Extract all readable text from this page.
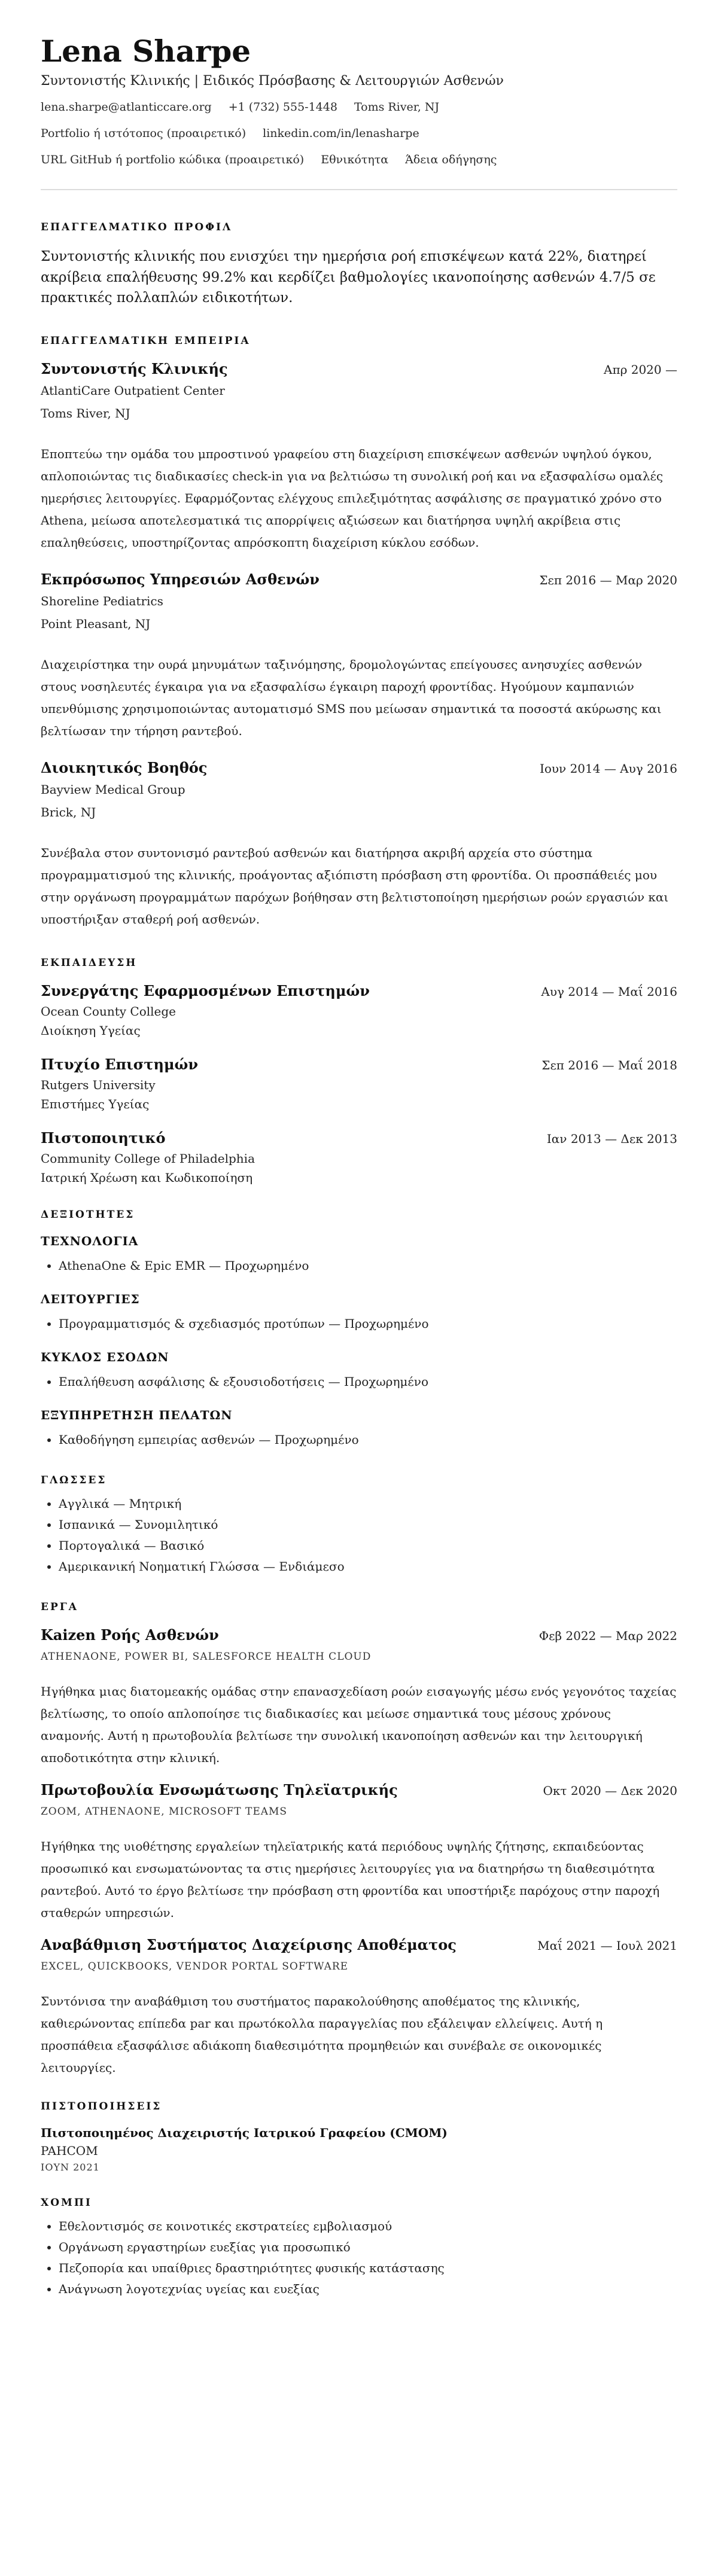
Lena Sharpe

Συντονιστής Κλινικής | Ειδικός Πρόσβασης & Λειτουργιών Ασθενών

lena.sharpe@atlanticcare.org +1 (732) 555-1448 Toms River, NJ
Portfolio ή ιστότοπος (προαιρετικό) linkedin.com/in/lenasharpe
URL GitHub ή portfolio κώδικα (προαιρετικό) Εθνικότητα Άδεια οδήγησης
ΕΠΑΓΓΕΛΜΑΤΙΚΟ ΠΡΟΦΙΛ

Συντονιστής κλινικής που ενισχύει την ημερήσια ροή επισκέψεων κατά 22%, διατηρεί ακρίβεια επαλήθευσης 99.2% και κερδίζει βαθμολογίες ικανοποίησης ασθενών 4.7/5 σε πρακτικές πολλαπλών ειδικοτήτων.

ΕΠΑΓΓΕΛΜΑΤΙΚΗ ΕΜΠΕΙΡΙΑ
Συντονιστής Κλινικής	Απρ 2020 —
AtlantiCare Outpatient Center
Toms River, NJ

Εποπτεύω την ομάδα του μπροστινού γραφείου στη διαχείριση επισκέψεων ασθενών υψηλού όγκου, απλοποιώντας τις διαδικασίες check-in για να βελτιώσω τη συνολική ροή και να εξασφαλίσω ομαλές ημερήσιες λειτουργίες. Εφαρμόζοντας ελέγχους επιλεξιμότητας ασφάλισης σε πραγματικό χρόνο στο Athena, μείωσα αποτελεσματικά τις απορρίψεις αξιώσεων και διατήρησα υψηλή ακρίβεια στις επαληθεύσεις, υποστηρίζοντας απρόσκοπτη διαχείριση κύκλου εσόδων.

Εκπρόσωπος Υπηρεσιών Ασθενών	Σεπ 2016 — Μαρ 2020
Shoreline Pediatrics
Point Pleasant, NJ

Διαχειρίστηκα την ουρά μηνυμάτων ταξινόμησης, δρομολογώντας επείγουσες ανησυχίες ασθενών στους νοσηλευτές έγκαιρα για να εξασφαλίσω έγκαιρη παροχή φροντίδας. Ηγούμουν καμπανιών υπενθύμισης χρησιμοποιώντας αυτοματισμό SMS που μείωσαν σημαντικά τα ποσοστά ακύρωσης και βελτίωσαν την τήρηση ραντεβού.

Διοικητικός Βοηθός	Ιουν 2014 — Αυγ 2016
Bayview Medical Group
Brick, NJ

Συνέβαλα στον συντονισμό ραντεβού ασθενών και διατήρησα ακριβή αρχεία στο σύστημα προγραμματισμού της κλινικής, προάγοντας αξιόπιστη πρόσβαση στη φροντίδα. Οι προσπάθειές μου στην οργάνωση προγραμμάτων παρόχων βοήθησαν στη βελτιστοποίηση ημερήσιων ροών εργασιών και υποστήριξαν σταθερή ροή ασθενών.

ΕΚΠΑΙΔΕΥΣΗ
Συνεργάτης Εφαρμοσμένων Επιστημών	Αυγ 2014 — Μαΐ 2016
Ocean County College
Διοίκηση Υγείας
Πτυχίο Επιστημών	Σεπ 2016 — Μαΐ 2018
Rutgers University
Επιστήμες Υγείας
Πιστοποιητικό	Ιαν 2013 — Δεκ 2013
Community College of Philadelphia
Ιατρική Χρέωση και Κωδικοποίηση
ΔΕΞΙΟΤΗΤΕΣ
ΤΕΧΝΟΛΟΓΙΑ
• AthenaOne & Epic EMR — Προχωρημένο
ΛΕΙΤΟΥΡΓΙΕΣ
• Προγραμματισμός & σχεδιασμός προτύπων — Προχωρημένο
ΚΥΚΛΟΣ ΕΣΟΔΩΝ
• Επαλήθευση ασφάλισης & εξουσιοδοτήσεις — Προχωρημένο
ΕΞΥΠΗΡΕΤΗΣΗ ΠΕΛΑΤΩΝ
• Καθοδήγηση εμπειρίας ασθενών — Προχωρημένο
ΓΛΩΣΣΕΣ
• Αγγλικά — Μητρική
• Ισπανικά — Συνομιλητικό
• Πορτογαλικά — Βασικό
• Αμερικανική Νοηματική Γλώσσα — Ενδιάμεσο
ΕΡΓΑ
Kaizen Ροής Ασθενών	Φεβ 2022 — Μαρ 2022
ATHENAONE, POWER BI, SALESFORCE HEALTH CLOUD

Ηγήθηκα μιας διατομεακής ομάδας στην επανασχεδίαση ροών εισαγωγής μέσω ενός γεγονότος ταχείας βελτίωσης, το οποίο απλοποίησε τις διαδικασίες και μείωσε σημαντικά τους μέσους χρόνους αναμονής. Αυτή η πρωτοβουλία βελτίωσε την συνολική ικανοποίηση ασθενών και την λειτουργική αποδοτικότητα στην κλινική.

Πρωτοβουλία Ενσωμάτωσης Τηλεϊατρικής	Οκτ 2020 — Δεκ 2020
ZOOM, ATHENAONE, MICROSOFT TEAMS

Ηγήθηκα της υιοθέτησης εργαλείων τηλεϊατρικής κατά περιόδους υψηλής ζήτησης, εκπαιδεύοντας προσωπικό και ενσωματώνοντας τα στις ημερήσιες λειτουργίες για να διατηρήσω τη διαθεσιμότητα ραντεβού. Αυτό το έργο βελτίωσε την πρόσβαση στη φροντίδα και υποστήριξε παρόχους στην παροχή σταθερών υπηρεσιών.

Αναβάθμιση Συστήματος Διαχείρισης Αποθέματος	Μαΐ 2021 — Ιουλ 2021
EXCEL, QUICKBOOKS, VENDOR PORTAL SOFTWARE

Συντόνισα την αναβάθμιση του συστήματος παρακολούθησης αποθέματος της κλινικής, καθιερώνοντας επίπεδα par και πρωτόκολλα παραγγελίας που εξάλειψαν ελλείψεις. Αυτή η προσπάθεια εξασφάλισε αδιάκοπη διαθεσιμότητα προμηθειών και συνέβαλε σε οικονομικές λειτουργίες.

ΠΙΣΤΟΠΟΙΗΣΕΙΣ

Πιστοποιημένος Διαχειριστής Ιατρικού Γραφείου (CMOM)

PAHCOM

ΙΟΥΝ 2021

ΧΟΜΠΙ
• Εθελοντισμός σε κοινοτικές εκστρατείες εμβολιασμού
• Οργάνωση εργαστηρίων ευεξίας για προσωπικό
• Πεζοπορία και υπαίθριες δραστηριότητες φυσικής κατάστασης
• Ανάγνωση λογοτεχνίας υγείας και ευεξίας
